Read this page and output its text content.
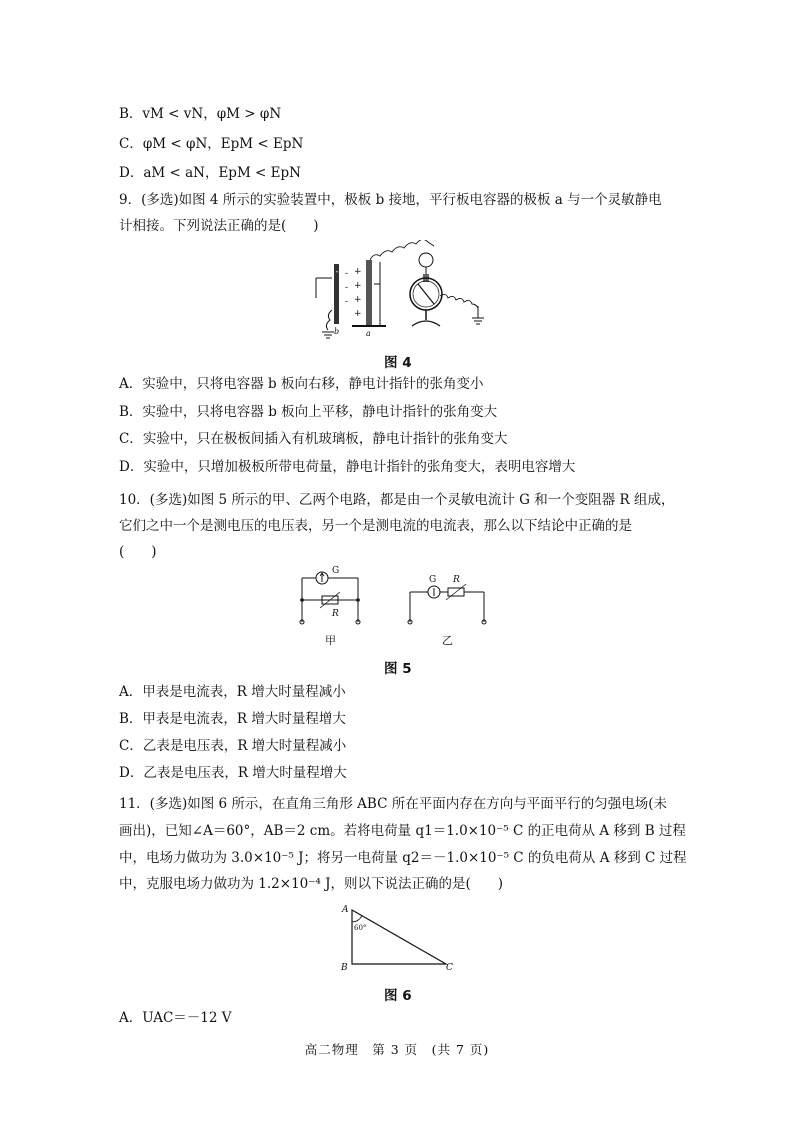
B．vM < vN，φM > φN
C．φM < φN，EpM < EpN
D．aM < aN，EpM < EpN
9．(多选)如图 4 所示的实验装置中，极板 b 接地，平行板电容器的极板 a 与一个灵敏静电
计相接。下列说法正确的是(　　)
- -
-
-
+
+
+
+
b	a
图 4
A．实验中，只将电容器 b 板向右移，静电计指针的张角变小
B．实验中，只将电容器 b 板向上平移，静电计指针的张角变大
C．实验中，只在极板间插入有机玻璃板，静电计指针的张角变大
D．实验中，只增加极板所带电荷量，静电计指针的张角变大，表明电容增大
10．(多选)如图 5 所示的甲、乙两个电路，都是由一个灵敏电流计 G 和一个变阻器 R 组成，
它们之中一个是测电压的电压表，另一个是测电流的电流表，那么以下结论中正确的是
(　　)
G
R
甲
G R
乙
图 5
A．甲表是电流表，R 增大时量程减小
B．甲表是电流表，R 增大时量程增大
C．乙表是电压表，R 增大时量程减小
D．乙表是电压表，R 增大时量程增大
11．(多选)如图 6 所示，在直角三角形 ABC 所在平面内存在方向与平面平行的匀强电场(未
画出)，已知∠A＝60°，AB＝2 cm。若将电荷量 q1＝1.0×10⁻⁵ C 的正电荷从 A 移到 B 过程
中，电场力做功为 3.0×10⁻⁵ J；将另一电荷量 q2＝－1.0×10⁻⁵ C 的负电荷从 A 移到 C 过程
中，克服电场力做功为 1.2×10⁻⁴ J，则以下说法正确的是(　　)
60°
A
B	C
图 6
A．UAC＝－12 V
高二物理　第 3 页　(共 7 页)
